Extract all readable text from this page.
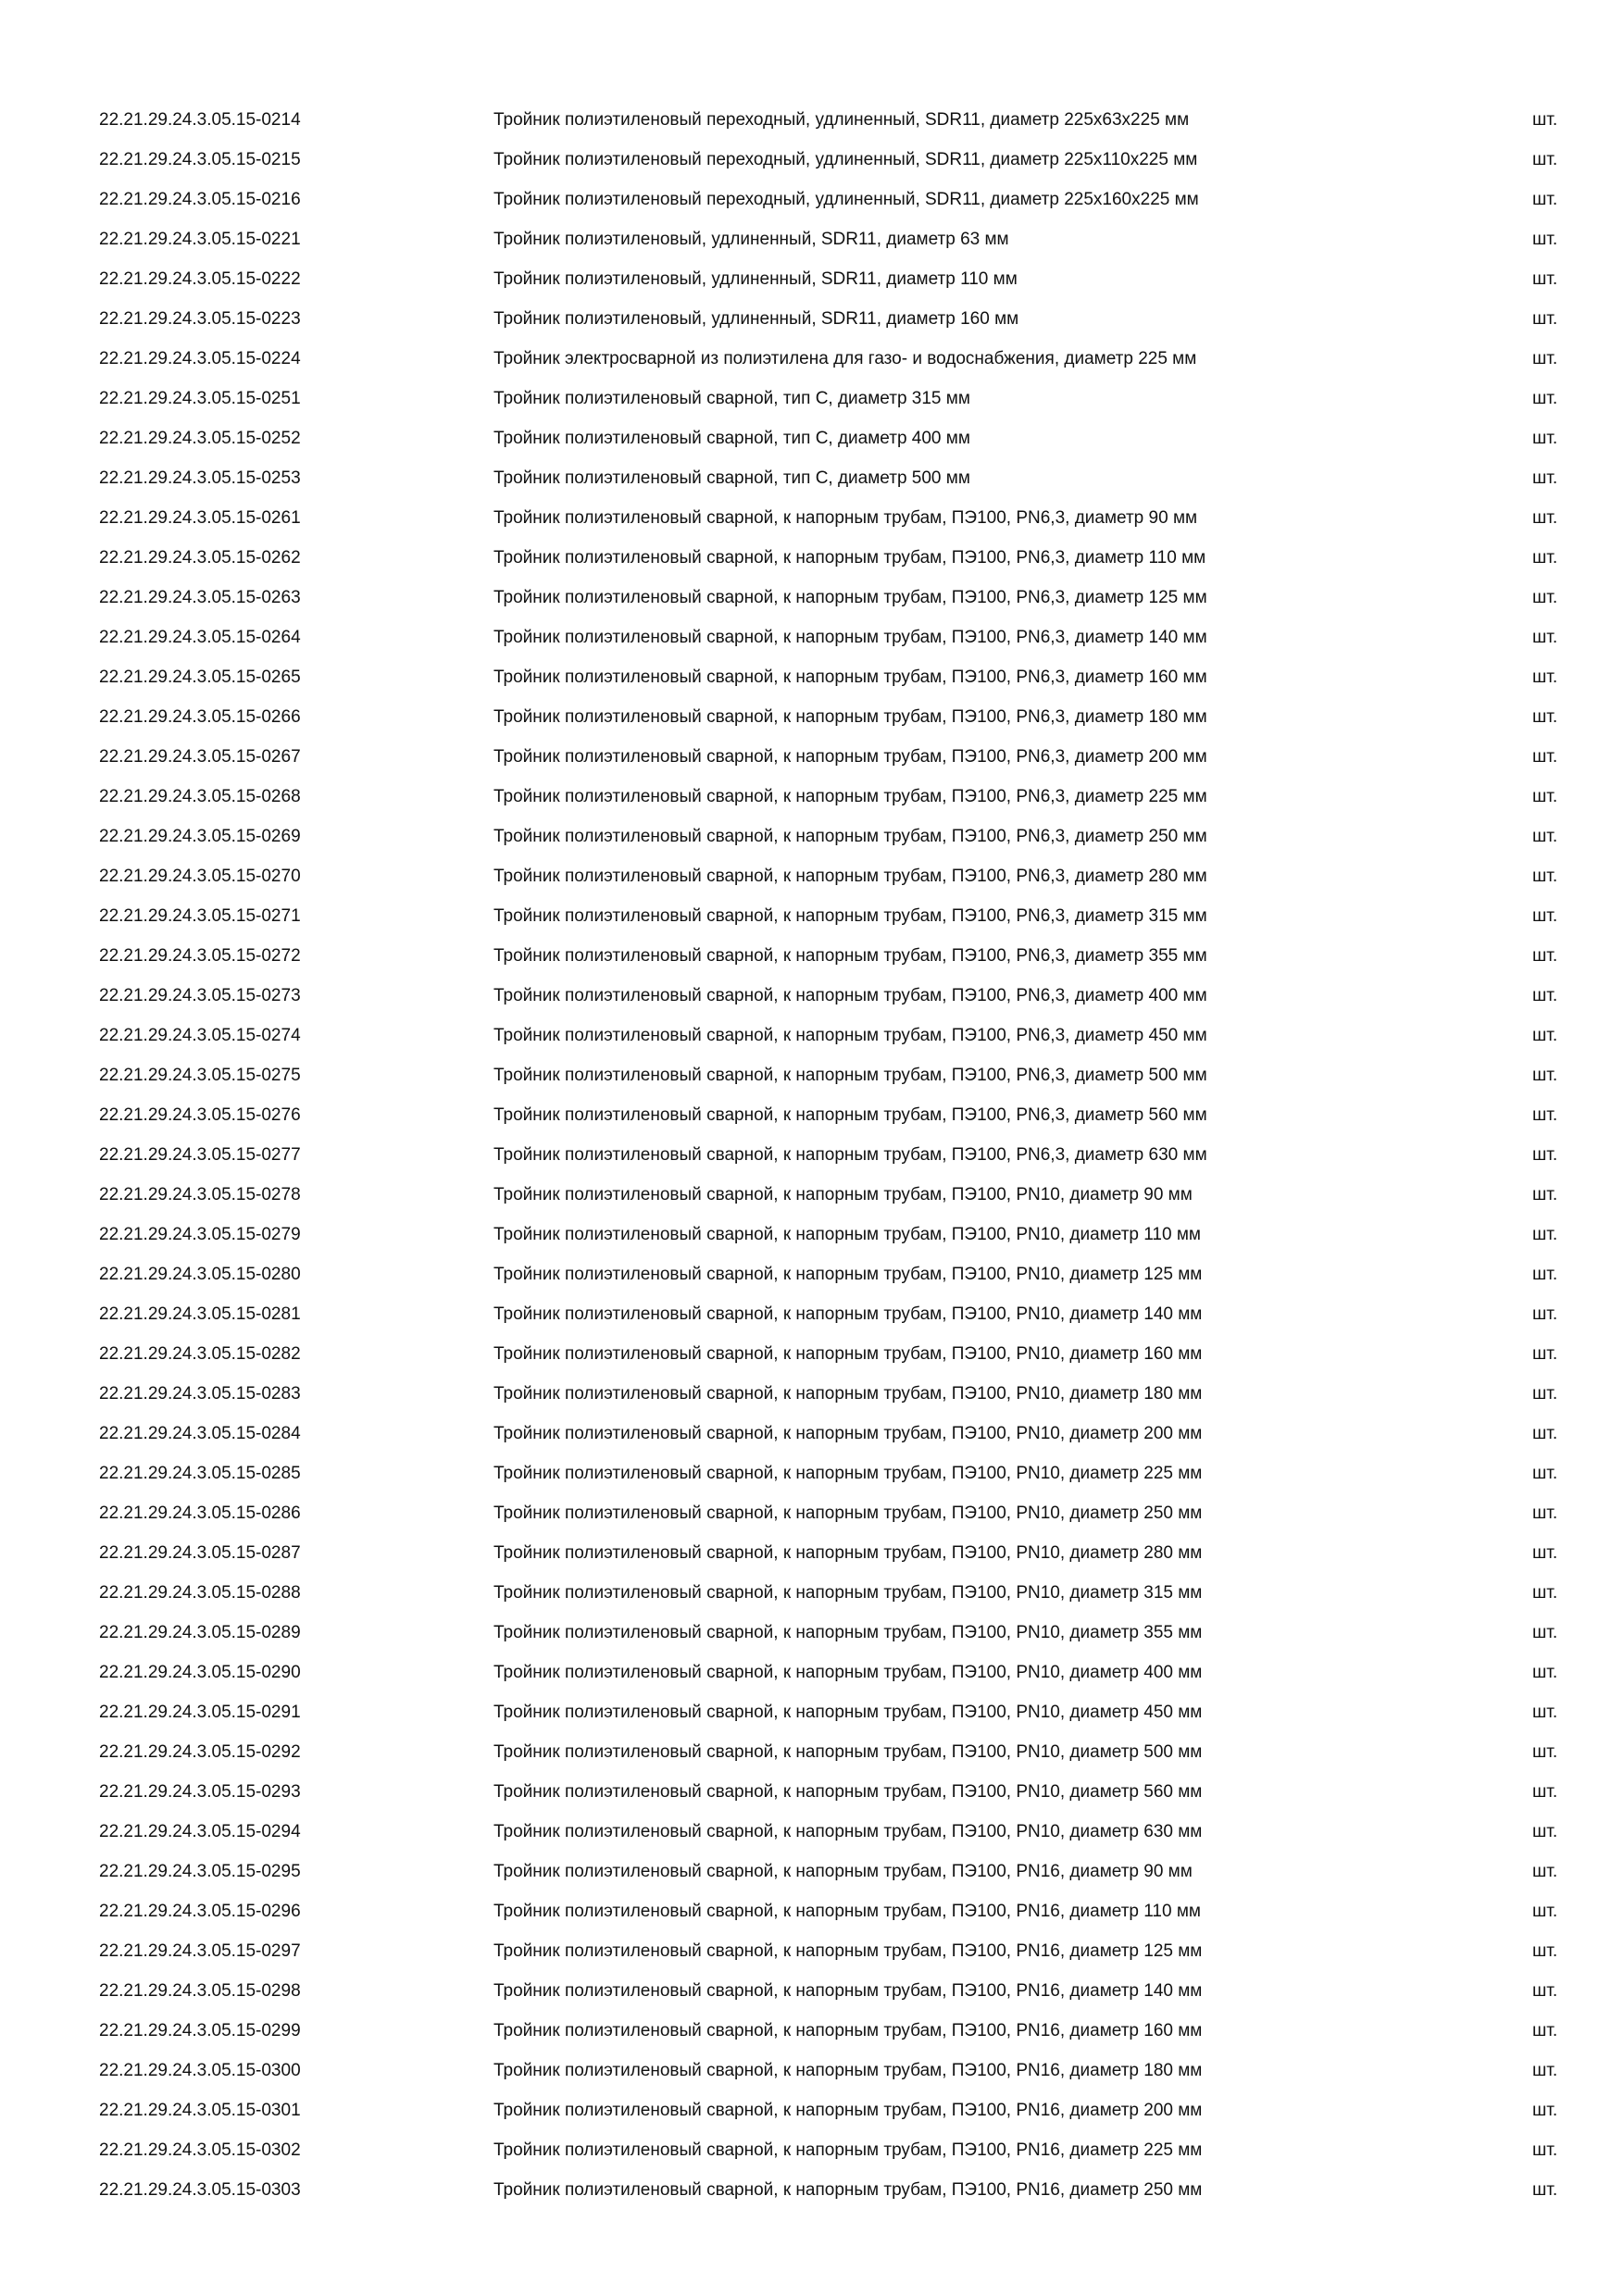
22.21.29.24.3.05.15-0214	Тройник полиэтиленовый переходный, удлиненный, SDR11, диаметр 225х63х225 мм	шт.
22.21.29.24.3.05.15-0215	Тройник полиэтиленовый переходный, удлиненный, SDR11, диаметр 225х110х225 мм	шт.
22.21.29.24.3.05.15-0216	Тройник полиэтиленовый переходный, удлиненный, SDR11, диаметр 225х160х225 мм	шт.
22.21.29.24.3.05.15-0221	Тройник полиэтиленовый, удлиненный, SDR11, диаметр 63 мм	шт.
22.21.29.24.3.05.15-0222	Тройник полиэтиленовый, удлиненный, SDR11, диаметр 110 мм	шт.
22.21.29.24.3.05.15-0223	Тройник полиэтиленовый, удлиненный, SDR11, диаметр 160 мм	шт.
22.21.29.24.3.05.15-0224	Тройник электросварной из полиэтилена для газо- и водоснабжения, диаметр 225 мм	шт.
22.21.29.24.3.05.15-0251	Тройник полиэтиленовый сварной, тип С, диаметр 315 мм	шт.
22.21.29.24.3.05.15-0252	Тройник полиэтиленовый сварной, тип С, диаметр 400 мм	шт.
22.21.29.24.3.05.15-0253	Тройник полиэтиленовый сварной, тип С, диаметр 500 мм	шт.
22.21.29.24.3.05.15-0261	Тройник полиэтиленовый сварной, к напорным трубам, ПЭ100, PN6,3, диаметр 90 мм	шт.
22.21.29.24.3.05.15-0262	Тройник полиэтиленовый сварной, к напорным трубам, ПЭ100, PN6,3, диаметр 110 мм	шт.
22.21.29.24.3.05.15-0263	Тройник полиэтиленовый сварной, к напорным трубам, ПЭ100, PN6,3, диаметр 125 мм	шт.
22.21.29.24.3.05.15-0264	Тройник полиэтиленовый сварной, к напорным трубам, ПЭ100, PN6,3, диаметр 140 мм	шт.
22.21.29.24.3.05.15-0265	Тройник полиэтиленовый сварной, к напорным трубам, ПЭ100, PN6,3, диаметр 160 мм	шт.
22.21.29.24.3.05.15-0266	Тройник полиэтиленовый сварной, к напорным трубам, ПЭ100, PN6,3, диаметр 180 мм	шт.
22.21.29.24.3.05.15-0267	Тройник полиэтиленовый сварной, к напорным трубам, ПЭ100, PN6,3, диаметр 200 мм	шт.
22.21.29.24.3.05.15-0268	Тройник полиэтиленовый сварной, к напорным трубам, ПЭ100, PN6,3, диаметр 225 мм	шт.
22.21.29.24.3.05.15-0269	Тройник полиэтиленовый сварной, к напорным трубам, ПЭ100, PN6,3, диаметр 250 мм	шт.
22.21.29.24.3.05.15-0270	Тройник полиэтиленовый сварной, к напорным трубам, ПЭ100, PN6,3, диаметр 280 мм	шт.
22.21.29.24.3.05.15-0271	Тройник полиэтиленовый сварной, к напорным трубам, ПЭ100, PN6,3, диаметр 315 мм	шт.
22.21.29.24.3.05.15-0272	Тройник полиэтиленовый сварной, к напорным трубам, ПЭ100, PN6,3, диаметр 355 мм	шт.
22.21.29.24.3.05.15-0273	Тройник полиэтиленовый сварной, к напорным трубам, ПЭ100, PN6,3, диаметр 400 мм	шт.
22.21.29.24.3.05.15-0274	Тройник полиэтиленовый сварной, к напорным трубам, ПЭ100, PN6,3, диаметр 450 мм	шт.
22.21.29.24.3.05.15-0275	Тройник полиэтиленовый сварной, к напорным трубам, ПЭ100, PN6,3, диаметр 500 мм	шт.
22.21.29.24.3.05.15-0276	Тройник полиэтиленовый сварной, к напорным трубам, ПЭ100, PN6,3, диаметр 560 мм	шт.
22.21.29.24.3.05.15-0277	Тройник полиэтиленовый сварной, к напорным трубам, ПЭ100, PN6,3, диаметр 630 мм	шт.
22.21.29.24.3.05.15-0278	Тройник полиэтиленовый сварной, к напорным трубам, ПЭ100, PN10, диаметр 90 мм	шт.
22.21.29.24.3.05.15-0279	Тройник полиэтиленовый сварной, к напорным трубам, ПЭ100, PN10, диаметр 110 мм	шт.
22.21.29.24.3.05.15-0280	Тройник полиэтиленовый сварной, к напорным трубам, ПЭ100, PN10, диаметр 125 мм	шт.
22.21.29.24.3.05.15-0281	Тройник полиэтиленовый сварной, к напорным трубам, ПЭ100, PN10, диаметр 140 мм	шт.
22.21.29.24.3.05.15-0282	Тройник полиэтиленовый сварной, к напорным трубам, ПЭ100, PN10, диаметр 160 мм	шт.
22.21.29.24.3.05.15-0283	Тройник полиэтиленовый сварной, к напорным трубам, ПЭ100, PN10, диаметр 180 мм	шт.
22.21.29.24.3.05.15-0284	Тройник полиэтиленовый сварной, к напорным трубам, ПЭ100, PN10, диаметр 200 мм	шт.
22.21.29.24.3.05.15-0285	Тройник полиэтиленовый сварной, к напорным трубам, ПЭ100, PN10, диаметр 225 мм	шт.
22.21.29.24.3.05.15-0286	Тройник полиэтиленовый сварной, к напорным трубам, ПЭ100, PN10, диаметр 250 мм	шт.
22.21.29.24.3.05.15-0287	Тройник полиэтиленовый сварной, к напорным трубам, ПЭ100, PN10, диаметр 280 мм	шт.
22.21.29.24.3.05.15-0288	Тройник полиэтиленовый сварной, к напорным трубам, ПЭ100, PN10, диаметр 315 мм	шт.
22.21.29.24.3.05.15-0289	Тройник полиэтиленовый сварной, к напорным трубам, ПЭ100, PN10, диаметр 355 мм	шт.
22.21.29.24.3.05.15-0290	Тройник полиэтиленовый сварной, к напорным трубам, ПЭ100, PN10, диаметр 400 мм	шт.
22.21.29.24.3.05.15-0291	Тройник полиэтиленовый сварной, к напорным трубам, ПЭ100, PN10, диаметр 450 мм	шт.
22.21.29.24.3.05.15-0292	Тройник полиэтиленовый сварной, к напорным трубам, ПЭ100, PN10, диаметр 500 мм	шт.
22.21.29.24.3.05.15-0293	Тройник полиэтиленовый сварной, к напорным трубам, ПЭ100, PN10, диаметр 560 мм	шт.
22.21.29.24.3.05.15-0294	Тройник полиэтиленовый сварной, к напорным трубам, ПЭ100, PN10, диаметр 630 мм	шт.
22.21.29.24.3.05.15-0295	Тройник полиэтиленовый сварной, к напорным трубам, ПЭ100, PN16, диаметр 90 мм	шт.
22.21.29.24.3.05.15-0296	Тройник полиэтиленовый сварной, к напорным трубам, ПЭ100, PN16, диаметр 110 мм	шт.
22.21.29.24.3.05.15-0297	Тройник полиэтиленовый сварной, к напорным трубам, ПЭ100, PN16, диаметр 125 мм	шт.
22.21.29.24.3.05.15-0298	Тройник полиэтиленовый сварной, к напорным трубам, ПЭ100, PN16, диаметр 140 мм	шт.
22.21.29.24.3.05.15-0299	Тройник полиэтиленовый сварной, к напорным трубам, ПЭ100, PN16, диаметр 160 мм	шт.
22.21.29.24.3.05.15-0300	Тройник полиэтиленовый сварной, к напорным трубам, ПЭ100, PN16, диаметр 180 мм	шт.
22.21.29.24.3.05.15-0301	Тройник полиэтиленовый сварной, к напорным трубам, ПЭ100, PN16, диаметр 200 мм	шт.
22.21.29.24.3.05.15-0302	Тройник полиэтиленовый сварной, к напорным трубам, ПЭ100, PN16, диаметр 225 мм	шт.
22.21.29.24.3.05.15-0303	Тройник полиэтиленовый сварной, к напорным трубам, ПЭ100, PN16, диаметр 250 мм	шт.
